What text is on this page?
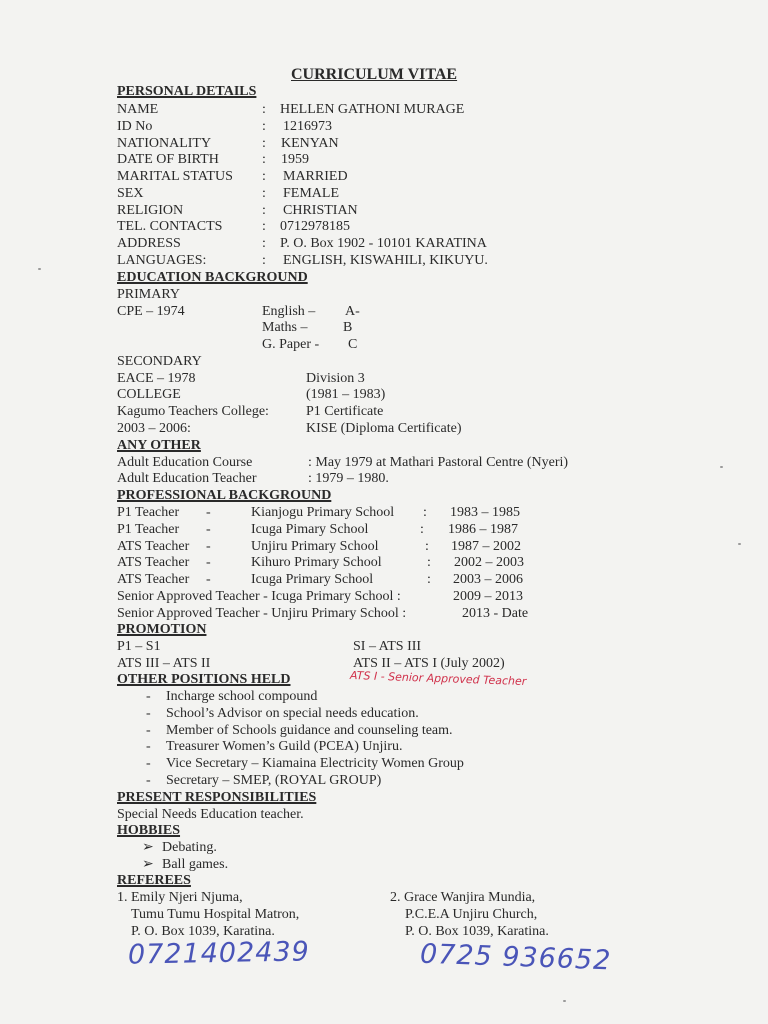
CURRICULUM VITAE
PERSONAL DETAILS
NAME	: HELLEN GATHONI MURAGE
ID No	: 1216973
NATIONALITY	: KENYAN
DATE OF BIRTH	: 1959
MARITAL STATUS : MARRIED
SEX	: FEMALE
RELIGION	: CHRISTIAN
TEL. CONTACTS	: 0712978185
ADDRESS	: P. O. Box 1902 - 10101 KARATINA
LANGUAGES:	: ENGLISH, KISWAHILI, KIKUYU.
EDUCATION BACKGROUND
PRIMARY
CPE – 1974	English – A-
Maths –	B
G. Paper - C
SECONDARY
EACE – 1978	Division 3
COLLEGE	(1981 – 1983)
Kagumo Teachers College:	P1 Certificate
2003 – 2006:	KISE (Diploma Certificate)
ANY OTHER
Adult Education Course	: May 1979 at Mathari Pastoral Centre (Nyeri)
Adult Education Teacher	: 1979 – 1980.
PROFESSIONAL BACKGROUND
P1 Teacher -	Kianjogu Primary School : 1983 – 1985
P1 Teacher -	Icuga Pimary School	: 1986 – 1987
ATS Teacher -	Unjiru Primary School	: 1987 – 2002
ATS Teacher -	Kihuro Primary School	: 2002 – 2003
ATS Teacher -	Icuga Primary School	: 2003 – 2006
Senior Approved Teacher - Icuga Primary School :	2009 – 2013
Senior Approved Teacher - Unjiru Primary School :	2013 - Date
PROMOTION
P1 – S1	SI – ATS III
ATS III – ATS II	ATS II – ATS I (July 2002)
OTHER POSITIONS HELD	ATS I - Senior Approved Teacher
- Incharge school compound
- School’s Advisor on special needs education.
- Member of Schools guidance and counseling team.
- Treasurer Women’s Guild (PCEA) Unjiru.
- Vice Secretary – Kiamaina Electricity Women Group
- Secretary – SMEP, (ROYAL GROUP)
PRESENT RESPONSIBILITIES
Special Needs Education teacher.
HOBBIES
➢ Debating.
➢ Ball games.
REFEREES
1. Emily Njeri Njuma,
Tumu Tumu Hospital Matron,
P. O. Box 1039, Karatina.
0721402439
2. Grace Wanjira Mundia,
P.C.E.A Unjiru Church,
P. O. Box 1039, Karatina.
0725 936652
